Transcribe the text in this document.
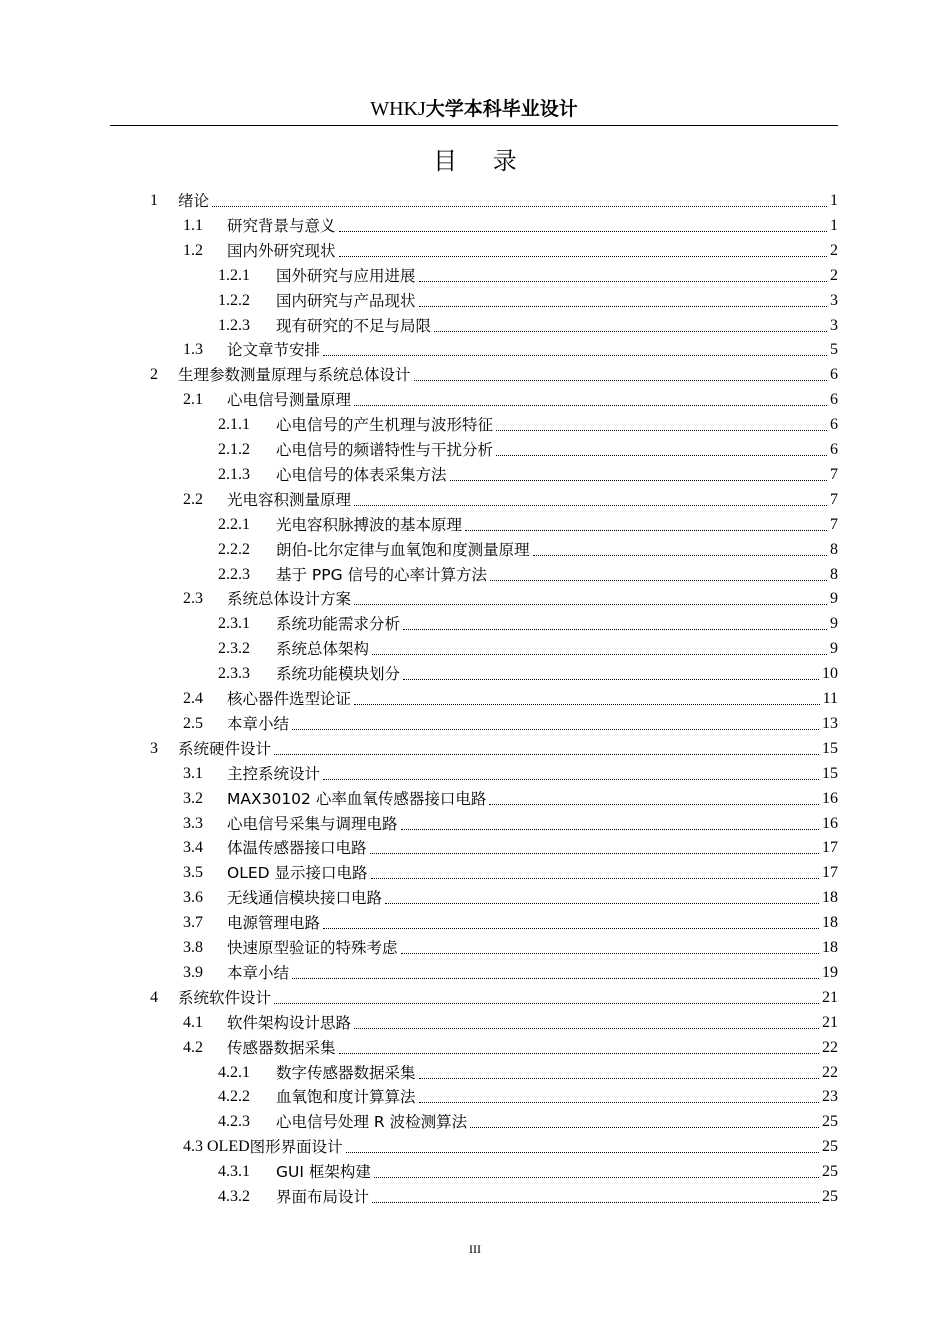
WHKJ大学本科毕业设计
目 录
1	绪论	1
1.1	研究背景与意义	1
1.2	国内外研究现状	2
1.2.1	国外研究与应用进展	2
1.2.2	国内研究与产品现状	3
1.2.3	现有研究的不足与局限	3
1.3	论文章节安排	5
2	生理参数测量原理与系统总体设计	6
2.1	心电信号测量原理	6
2.1.1	心电信号的产生机理与波形特征	6
2.1.2	心电信号的频谱特性与干扰分析	6
2.1.3	心电信号的体表采集方法	7
2.2	光电容积测量原理	7
2.2.1	光电容积脉搏波的基本原理	7
2.2.2	朗伯-比尔定律与血氧饱和度测量原理	8
2.2.3	基于 PPG 信号的心率计算方法	8
2.3	系统总体设计方案	9
2.3.1	系统功能需求分析	9
2.3.2	系统总体架构	9
2.3.3	系统功能模块划分	10
2.4	核心器件选型论证	11
2.5	本章小结	13
3	系统硬件设计	15
3.1	主控系统设计	15
3.2	MAX30102 心率血氧传感器接口电路	16
3.3	心电信号采集与调理电路	16
3.4	体温传感器接口电路	17
3.5	OLED 显示接口电路	17
3.6	无线通信模块接口电路	18
3.7	电源管理电路	18
3.8	快速原型验证的特殊考虑	18
3.9	本章小结	19
4	系统软件设计	21
4.1	软件架构设计思路	21
4.2	传感器数据采集	22
4.2.1	数字传感器数据采集	22
4.2.2	血氧饱和度计算算法	23
4.2.3	心电信号处理 R 波检测算法	25
4.3 OLED 图形界面设计	25
4.3.1	GUI 框架构建	25
4.3.2	界面布局设计	25
III
